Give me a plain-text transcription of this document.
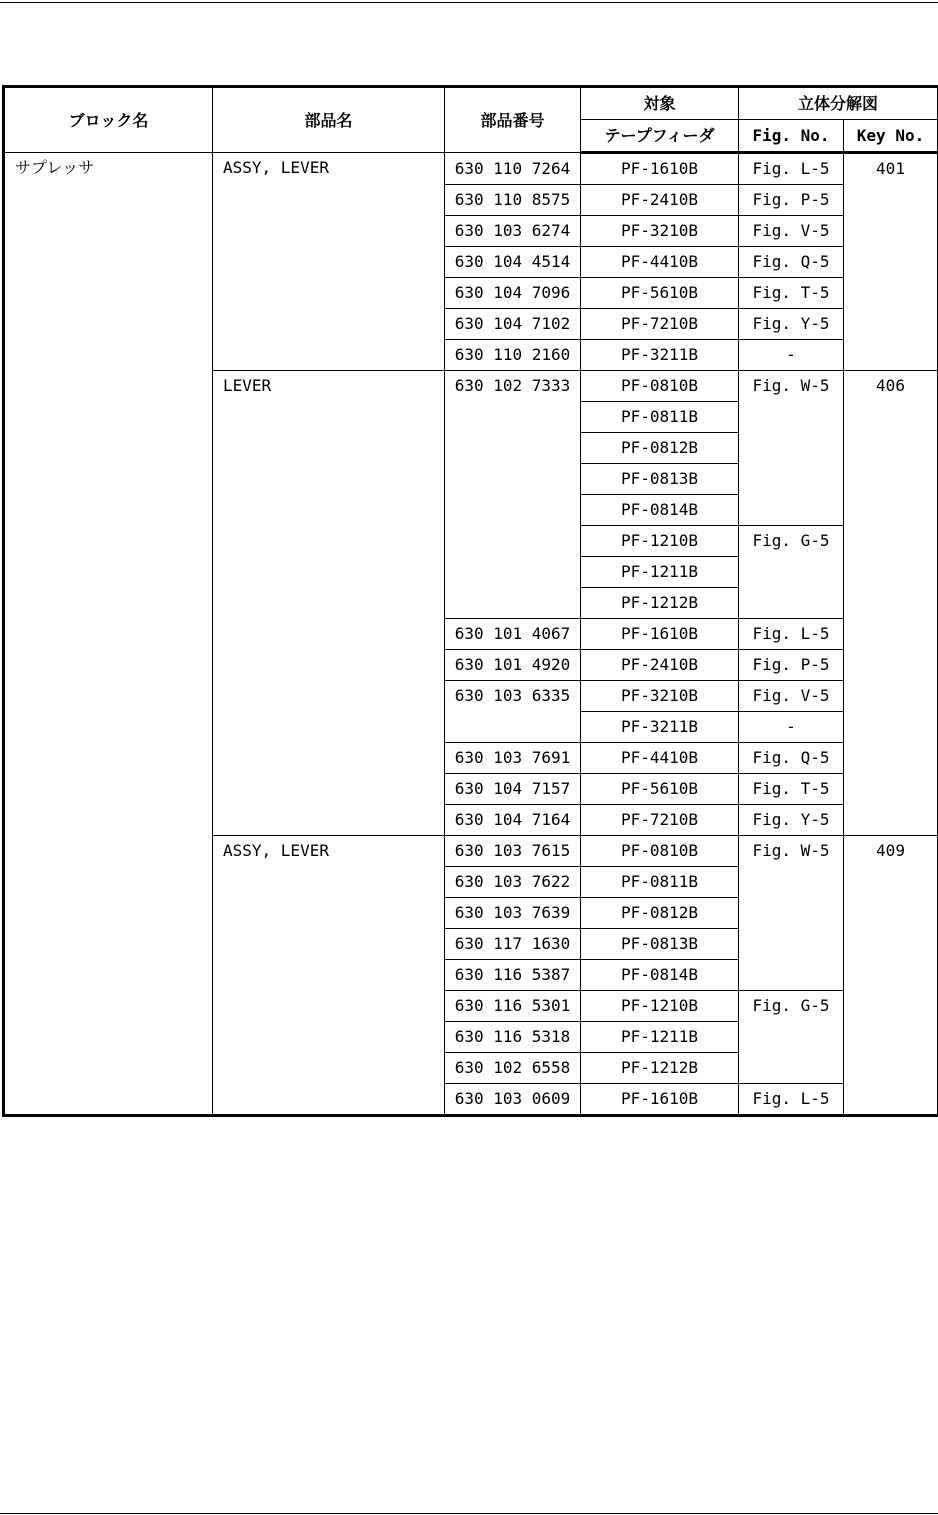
ブロック名	部品名	部品番号	対象	立体分解図	
			テープフィーダ	Fig. No.	Key No.
サプレッサ	ASSY, LEVER	630 110 7264	PF-1610B	Fig. L-5	401
		630 110 8575	PF-2410B	Fig. P-5	
		630 103 6274	PF-3210B	Fig. V-5	
		630 104 4514	PF-4410B	Fig. Q-5	
		630 104 7096	PF-5610B	Fig. T-5	
		630 104 7102	PF-7210B	Fig. Y-5	
		630 110 2160	PF-3211B	-	
	LEVER	630 102 7333	PF-0810B	Fig. W-5	406
			PF-0811B		
			PF-0812B		
			PF-0813B		
			PF-0814B		
			PF-1210B	Fig. G-5	
			PF-1211B		
			PF-1212B		
		630 101 4067	PF-1610B	Fig. L-5	
		630 101 4920	PF-2410B	Fig. P-5	
		630 103 6335	PF-3210B	Fig. V-5	
			PF-3211B	-	
		630 103 7691	PF-4410B	Fig. Q-5	
		630 104 7157	PF-5610B	Fig. T-5	
		630 104 7164	PF-7210B	Fig. Y-5	
	ASSY, LEVER	630 103 7615	PF-0810B	Fig. W-5	409
		630 103 7622	PF-0811B		
		630 103 7639	PF-0812B		
		630 117 1630	PF-0813B		
		630 116 5387	PF-0814B		
		630 116 5301	PF-1210B	Fig. G-5	
		630 116 5318	PF-1211B		
		630 102 6558	PF-1212B		
		630 103 0609	PF-1610B	Fig. L-5	
